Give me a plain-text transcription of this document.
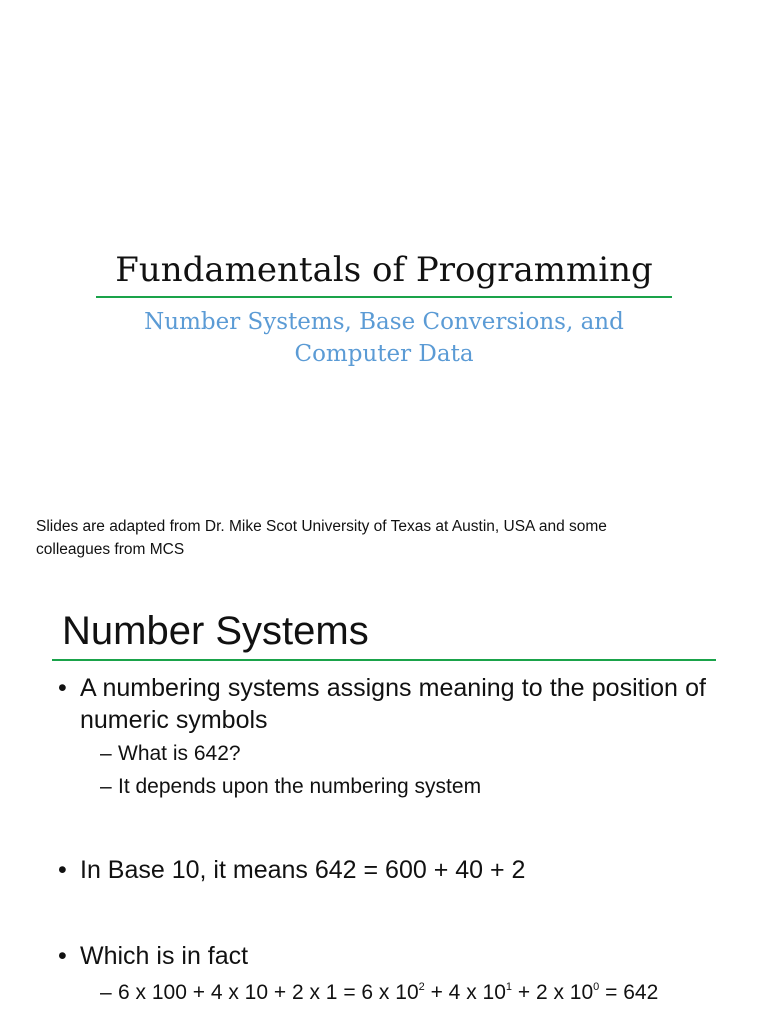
Fundamentals of Programming
Number Systems, Base Conversions, and
Computer Data
Slides are adapted from Dr. Mike Scot University of Texas at Austin, USA and some
colleagues from MCS
Number Systems
• A numbering systems assigns meaning to the position of numeric symbols
– What is 642?
– It depends upon the numbering system
• In Base 10, it means 642 = 600 + 40 + 2
• Which is in fact
– 6 x 100 + 4 x 10 + 2 x 1 = 6 x $10^2 + 4$ x $10^1 + 2$ x $10^0 = 642$
